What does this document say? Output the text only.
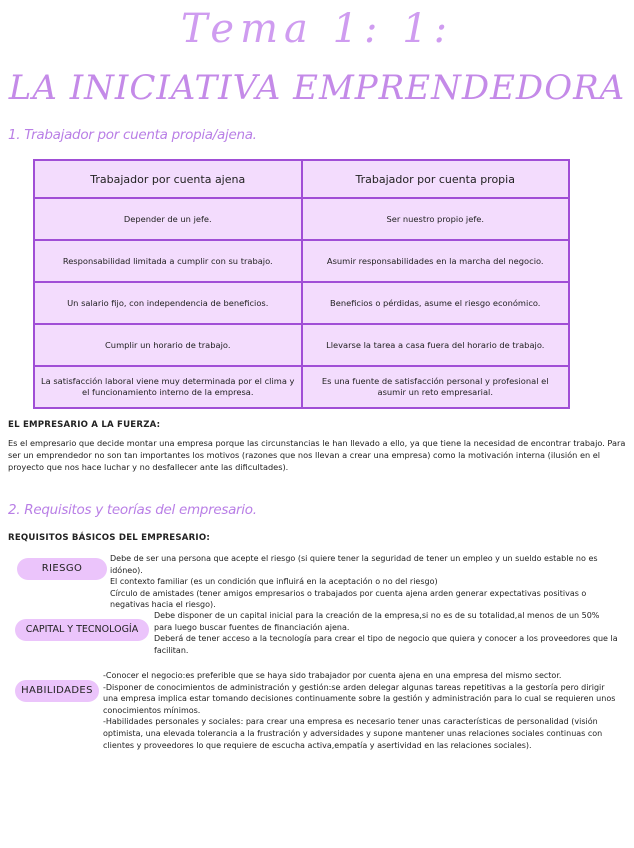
Tema 1: 1:
LA INICIATIVA EMPRENDEDORA
1. Trabajador por cuenta propia/ajena.
Trabajador por cuenta ajena	Trabajador por cuenta propia
Depender de un jefe.	Ser nuestro propio jefe.
Responsabilidad limitada a cumplir con su trabajo.	Asumir responsabilidades en la marcha del negocio.
Un salario fijo, con independencia de beneficios.	Beneficios o pérdidas, asume el riesgo económico.
Cumplir un horario de trabajo.	Llevarse la tarea a casa fuera del horario de trabajo.
La satisfacción laboral viene muy determinada por el clima y el funcionamiento interno de la empresa.	Es una fuente de satisfacción personal y profesional el asumir un reto empresarial.
EL EMPRESARIO A LA FUERZA:
Es el empresario que decide montar una empresa porque las circunstancias le han llevado a ello, ya que tiene la necesidad de encontrar trabajo. Para ser un emprendedor no son tan importantes los motivos (razones que nos llevan a crear una empresa) como la motivación interna (ilusión en el proyecto que nos hace luchar y no desfallecer ante las dificultades).
2. Requisitos y teorías del empresario.
REQUISITOS BÁSICOS DEL EMPRESARIO:
RIESGO
Debe de ser una persona que acepte el riesgo (si quiere tener la seguridad de tener un empleo y un sueldo estable no es idóneo).
El contexto familiar (es un condición que influirá en la aceptación o no del riesgo)
Círculo de amistades (tener amigos empresarios o trabajados por cuenta ajena arden generar expectativas positivas o negativas hacia el riesgo).
CAPITAL Y TECNOLOGÍA
Debe disponer de un capital inicial para la creación de la empresa,si no es de su totalidad,al menos de un 50% para luego buscar fuentes de financiación ajena.
Deberá de tener acceso a la tecnología para crear el tipo de negocio que quiera y conocer a los proveedores que la facilitan.
HABILIDADES
-Conocer el negocio:es preferible que se haya sido trabajador por cuenta ajena en una empresa del mismo sector.
-Disponer de conocimientos de administración y gestión:se arden delegar algunas tareas repetitivas a la gestoría pero dirigir una empresa implica estar tomando decisiones continuamente sobre la gestión y administración para lo cual se requieren unos conocimientos mínimos.
-Habilidades personales y sociales: para crear una empresa es necesario tener unas características de personalidad (visión optimista, una elevada tolerancia a la frustración y adversidades y supone mantener unas relaciones sociales continuas con clientes y proveedores lo que requiere de escucha activa,empatía y asertividad en las relaciones sociales).
